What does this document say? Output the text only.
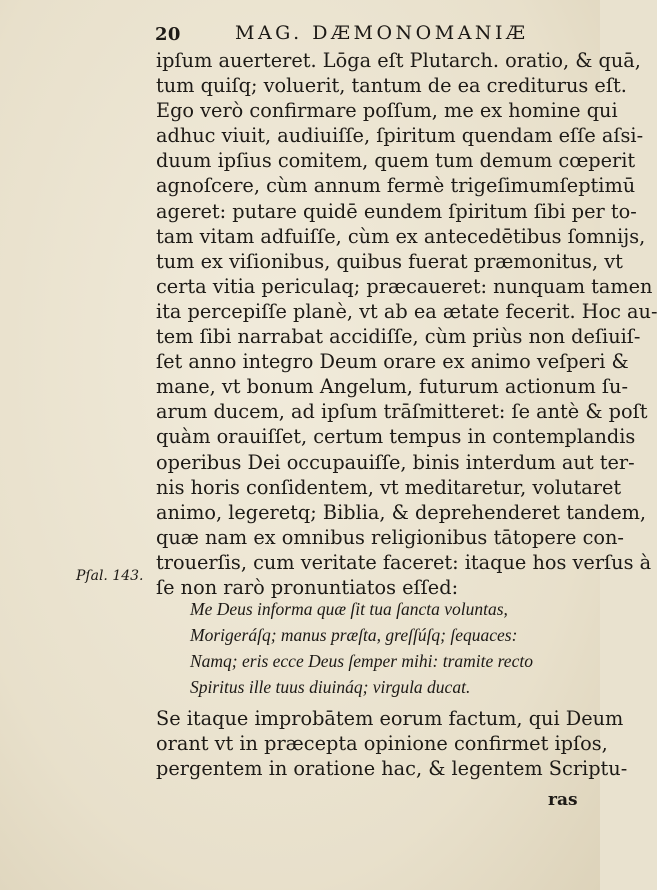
20	MAG. DÆMONOMANIÆ
ipſum auerteret. Lōga eſt Plutarch. oratio, & quā,
tum quiſq; voluerit, tantum de ea crediturus eſt.
Ego verò confirmare poſſum, me ex homine qui
adhuc viuit, audiuiſſe, ſpiritum quendam eſſe aſsi-
duum ipſius comitem, quem tum demum cœperit
agnoſcere, cùm annum fermè trigeſimumſeptimū
ageret: putare quidē eundem ſpiritum ſibi per to-
tam vitam adfuiſſe, cùm ex antecedētibus ſomnijs,
tum ex viſionibus, quibus fuerat præmonitus, vt
certa vitia periculaq; præcaueret: nunquam tamen
ita percepiſſe planè, vt ab ea ætate fecerit. Hoc au-
tem ſibi narrabat accidiſſe, cùm priùs non deſiuiſ-
ſet anno integro Deum orare ex animo veſperi &
mane, vt bonum Angelum, futurum actionum ſu-
arum ducem, ad ipſum trāſmitteret: ſe antè & poſt
quàm orauiſſet, certum tempus in contemplandis
operibus Dei occupauiſſe, binis interdum aut ter-
nis horis conſidentem, vt meditaretur, volutaret
animo, legeretq; Biblia, & deprehenderet tandem,
quæ nam ex omnibus religionibus tātopere con-
trouerſis, cum veritate faceret: itaque hos verſus à
ſe non rarò pronuntiatos eſſed:
Pſal. 143.
Me Deus informa quæ ſit tua ſancta voluntas,
Morigeráſq; manus præſta, greſſúſq; ſequaces:
Namq; eris ecce Deus ſemper mihi: tramite recto
Spiritus ille tuus diuináq; virgula ducat.
Se itaque improbātem eorum factum, qui Deum
orant vt in præcepta opinione confirmet ipſos,
pergentem in oratione hac, & legentem Scriptu-
ras
